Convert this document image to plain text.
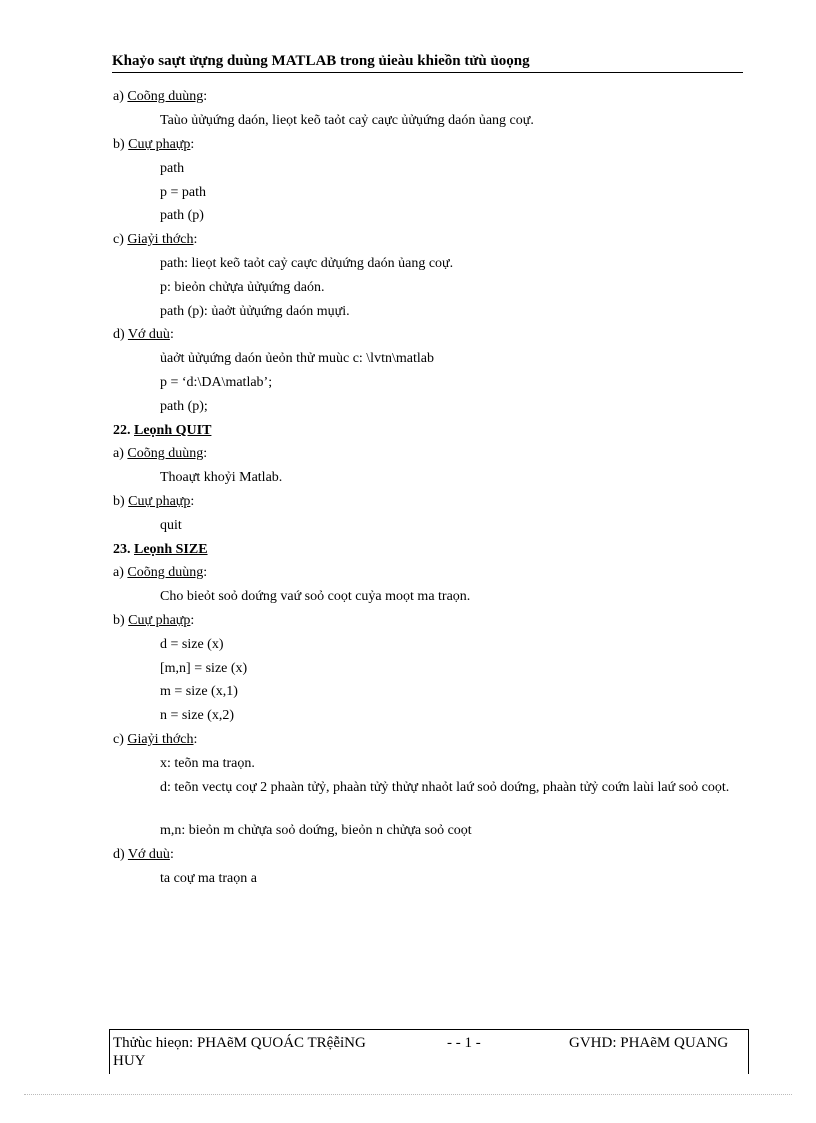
Khaỷo saựt ửựng duùng MATLAB trong ủieàu khieồn tửù ủoọng
a) Coõng duùng:
Taùo ủửụứng daón, lieọt keõ taỏt caỷ caực ủửụứng daón ủang coự.
b) Cuự phaựp:
path
p = path
path (p)
c) Giaỷi thớch:
path: lieọt keõ taỏt caỷ caực dửụứng daón ủang coự.
p: bieỏn chửựa ủửụứng daón.
path (p): ủaởt ủửụứng daón mụựi.
d) Vớ duù:
ủaởt ủửụứng daón ủeỏn thử muùc c: \lvtn\matlab
p = ‘d:\DA\matlab’;
path (p);
22. Leọnh QUIT
a) Coõng duùng:
Thoaựt khoỷi Matlab.
b) Cuự phaựp:
quit
23. Leọnh SIZE
a) Coõng duùng:
Cho bieỏt soỏ doứng vaứ soỏ coọt cuỷa moọt ma traọn.
b) Cuự phaựp:
d = size (x)
[m,n] = size (x)
m = size (x,1)
n = size (x,2)
c) Giaỷi thớch:
x: teõn ma traọn.
d: teõn vectụ coự 2 phaàn tửỷ, phaàn tửỷ thửự nhaỏt laứ soỏ doứng, phaàn tửỷ coứn laùi laứ soỏ coọt.
m,n: bieỏn m chửựa soỏ doứng, bieỏn n chửựa soỏ coọt
d) Vớ duù:
ta coự ma traọn a
Thửùc hieọn: PHAẽM QUOÁC TRệễỉNG
HUY
- - 1 -	GVHD: PHAẽM QUANG
